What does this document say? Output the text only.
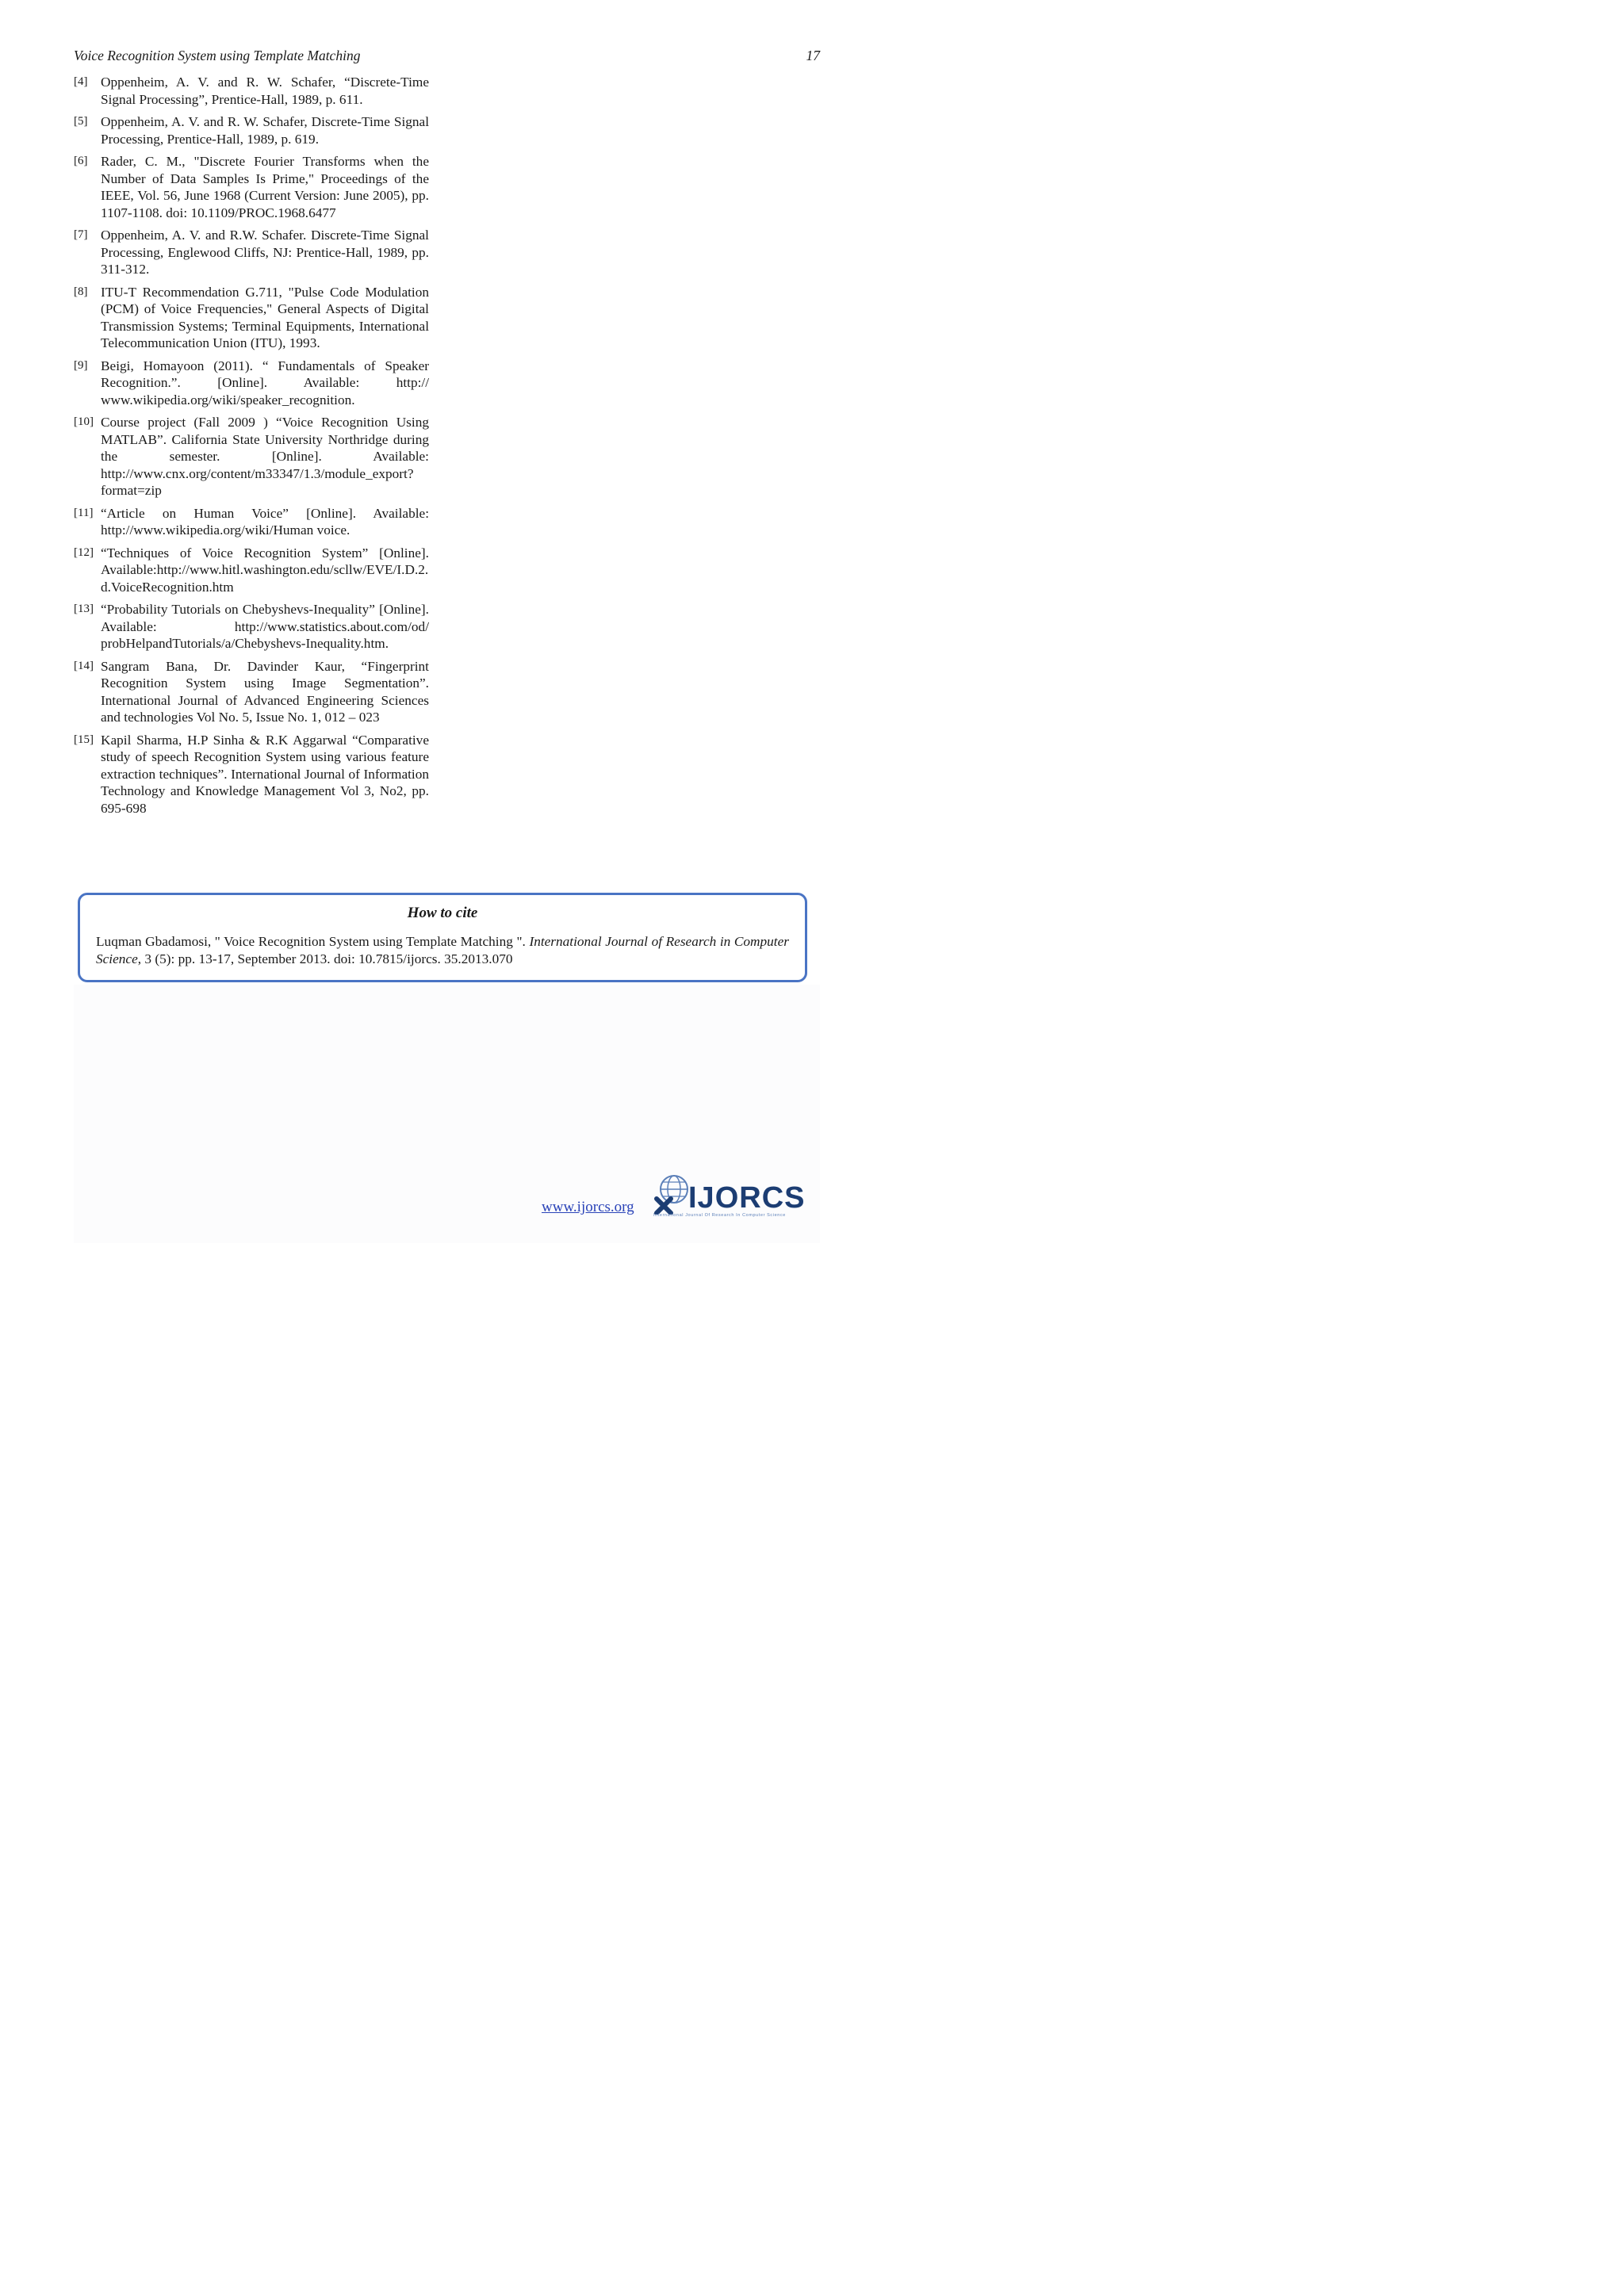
Voice Recognition System using Template Matching	17
[4] Oppenheim, A. V. and R. W. Schafer, “Discrete-Time Signal Processing”, Prentice-Hall, 1989, p. 611.
[5] Oppenheim, A. V. and R. W. Schafer, Discrete-Time Signal Processing, Prentice-Hall, 1989, p. 619.
[6] Rader, C. M., "Discrete Fourier Transforms when the Number of Data Samples Is Prime," Proceedings of the IEEE, Vol. 56, June 1968 (Current Version: June 2005), pp. 1107-1108. doi: 10.1109/PROC.1968.6477
[7] Oppenheim, A. V. and R.W. Schafer. Discrete-Time Signal Processing, Englewood Cliffs, NJ: Prentice-Hall, 1989, pp. 311-312.
[8] ITU-T Recommendation G.711, "Pulse Code Modulation (PCM) of Voice Frequencies," General Aspects of Digital Transmission Systems; Terminal Equipments, International Telecommunication Union (ITU), 1993.
[9] Beigi, Homayoon (2011). “ Fundamentals of Speaker Recognition.”. [Online]. Available: http:// www.wikipedia.org/wiki/speaker_recognition.
[10] Course project (Fall 2009 ) “Voice Recognition Using MATLAB”. California State University Northridge during the semester. [Online]. Available: http://www.cnx.org/content/m33347/1.3/module_export?format=zip
[11] “Article on Human Voice” [Online]. Available: http://www.wikipedia.org/wiki/Human voice.
[12] “Techniques of Voice Recognition System” [Online]. Available:http://www.hitl.washington.edu/scllw/EVE/I.D.2.d.VoiceRecognition.htm
[13] “Probability Tutorials on Chebyshevs-Inequality” [Online]. Available: http://www.statistics.about.com/od/ probHelpandTutorials/a/Chebyshevs-Inequality.htm.
[14] Sangram Bana, Dr. Davinder Kaur, “Fingerprint Recognition System using Image Segmentation”. International Journal of Advanced Engineering Sciences and technologies Vol No. 5, Issue No. 1, 012 – 023
[15] Kapil Sharma, H.P Sinha & R.K Aggarwal “Comparative study of speech Recognition System using various feature extraction techniques”. International Journal of Information Technology and Knowledge Management Vol 3, No2, pp. 695-698
How to cite
Luqman Gbadamosi, " Voice Recognition System using Template Matching ". International Journal of Research in Computer Science, 3 (5): pp. 13-17, September 2013. doi: 10.7815/ijorcs. 35.2013.070
www.ijorcs.org IJORCS
International Journal Of Research In Computer Science
